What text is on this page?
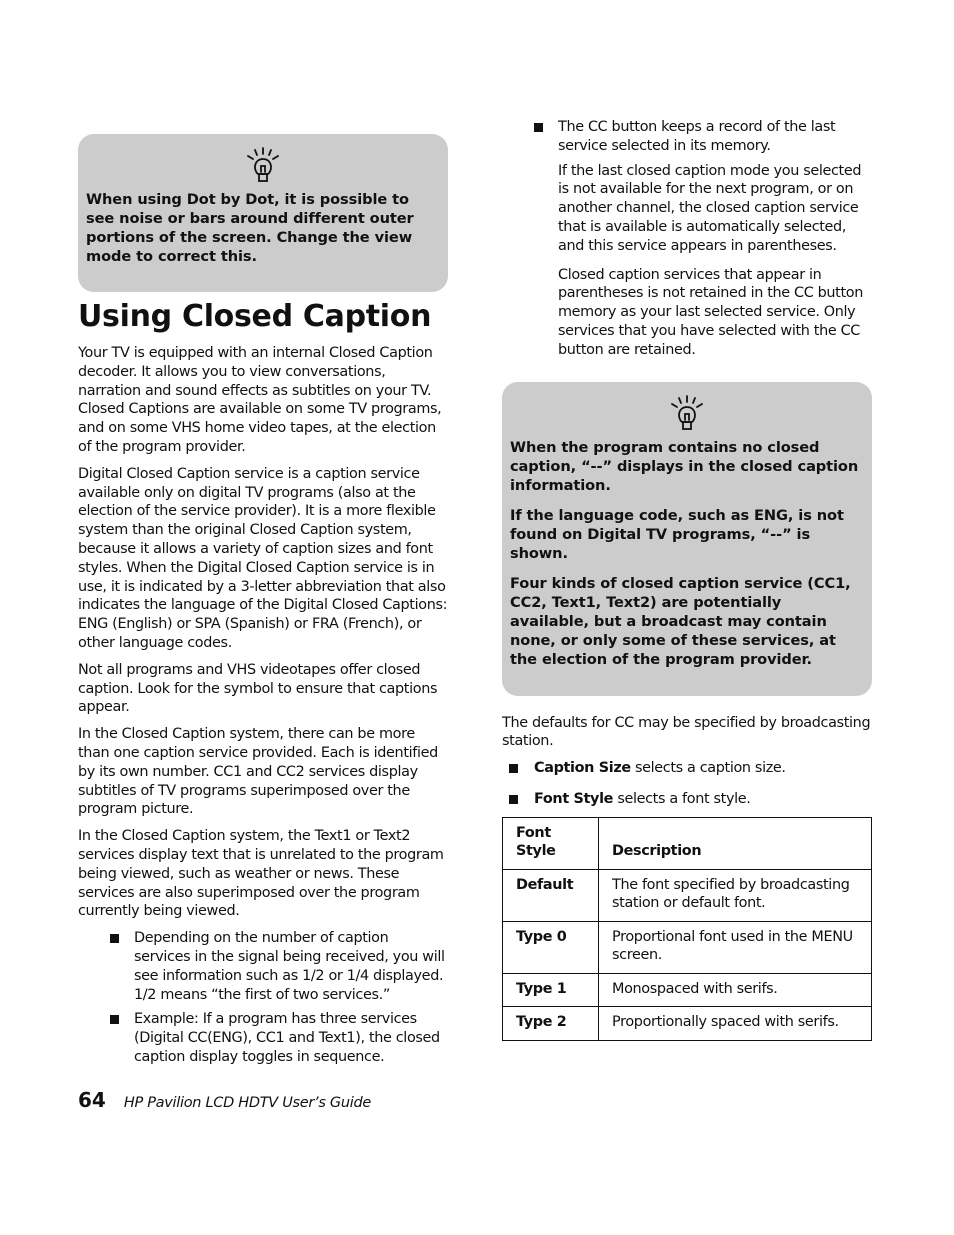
When using Dot by Dot, it is possible to see noise or bars around different outer portions of the screen. Change the view mode to correct this.

Using Closed Caption

Your TV is equipped with an internal Closed Caption decoder. It allows you to view conversations, narration and sound effects as subtitles on your TV. Closed Captions are available on some TV programs, and on some VHS home video tapes, at the election of the program provider.

Digital Closed Caption service is a caption service available only on digital TV programs (also at the election of the service provider). It is a more flexible system than the original Closed Caption system, because it allows a variety of caption sizes and font styles. When the Digital Closed Caption service is in use, it is indicated by a 3-letter abbreviation that also indicates the language of the Digital Closed Captions: ENG (English) or SPA (Spanish) or FRA (French), or other language codes.

Not all programs and VHS videotapes offer closed caption. Look for the symbol to ensure that captions appear.

In the Closed Caption system, there can be more than one caption service provided. Each is identified by its own number. CC1 and CC2 services display subtitles of TV programs superimposed over the program picture.

In the Closed Caption system, the Text1 or Text2 services display text that is unrelated to the program being viewed, such as weather or news. These services are also superimposed over the program currently being viewed.

Depending on the number of caption services in the signal being received, you will see information such as 1/2 or 1/4 displayed. 1/2 means “the first of two services.”
Example: If a program has three services (Digital CC(ENG), CC1 and Text1), the closed caption display toggles in sequence.
The CC button keeps a record of the last service selected in its memory.

If the last closed caption mode you selected is not available for the next program, or on another channel, the closed caption service that is available is automatically selected, and this service appears in parentheses.

Closed caption services that appear in parentheses is not retained in the CC button memory as your last selected service. Only services that you have selected with the CC button are retained.

When the program contains no closed caption, “--” displays in the closed caption information.

If the language code, such as ENG, is not found on Digital TV programs, “--” is shown.

Four kinds of closed caption service (CC1, CC2, Text1, Text2) are potentially available, but a broadcast may contain none, or only some of these services, at the election of the program provider.

The defaults for CC may be specified by broadcasting station.

Caption Size selects a caption size.
Font Style selects a font style.
Font Style	Description
Default	The font specified by broadcasting station or default font.
Type 0	Proportional font used in the MENU screen.
Type 1	Monospaced with serifs.
Type 2	Proportionally spaced with serifs.
64 HP Pavilion LCD HDTV User’s Guide
